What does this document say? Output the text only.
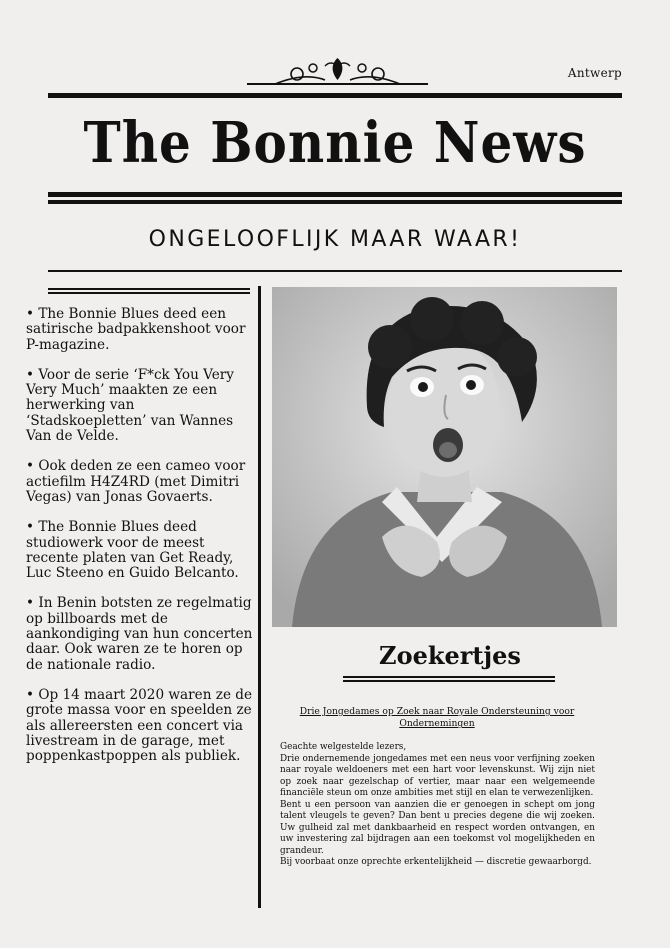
Antwerp
The Bonnie News
ONGELOOFLIJK MAAR WAAR!

• The Bonnie Blues deed een satirische badpakkenshoot voor P-magazine.

• Voor de serie ‘F*ck You Very Very Much’ maakten ze een herwerking van ‘Stadskoepletten’ van Wannes Van de Velde.

• Ook deden ze een cameo voor actiefilm H4Z4RD (met Dimitri Vegas) van Jonas Govaerts.

• The Bonnie Blues deed studiowerk voor de meest recente platen van Get Ready, Luc Steeno en Guido Belcanto.

• In Benin botsten ze regelmatig op billboards met de aankondiging van hun concerten daar. Ook waren ze te horen op de nationale radio.

• Op 14 maart 2020 waren ze de grote massa voor en speelden ze als allereersten een concert via livestream in de garage, met poppenkastpoppen als publiek.

Zoekertjes
Drie Jongedames op Zoek naar Royale Ondersteuning voor Ondernemingen
Geachte welgestelde lezers,
Drie ondernemende jongedames met een neus voor verfijning zoeken naar royale weldoeners met een hart voor levenskunst. Wij zijn niet op zoek naar gezelschap of vertier, maar naar een welgemeende financiële steun om onze ambities met stijl en elan te verwezenlijken.
Bent u een persoon van aanzien die er genoegen in schept om jong talent vleugels te geven? Dan bent u precies degene die wij zoeken. Uw gulheid zal met dankbaarheid en respect worden ontvangen, en uw investering zal bijdragen aan een toekomst vol mogelijkheden en grandeur.
Bij voorbaat onze oprechte erkentelijkheid — discretie gewaarborgd.
